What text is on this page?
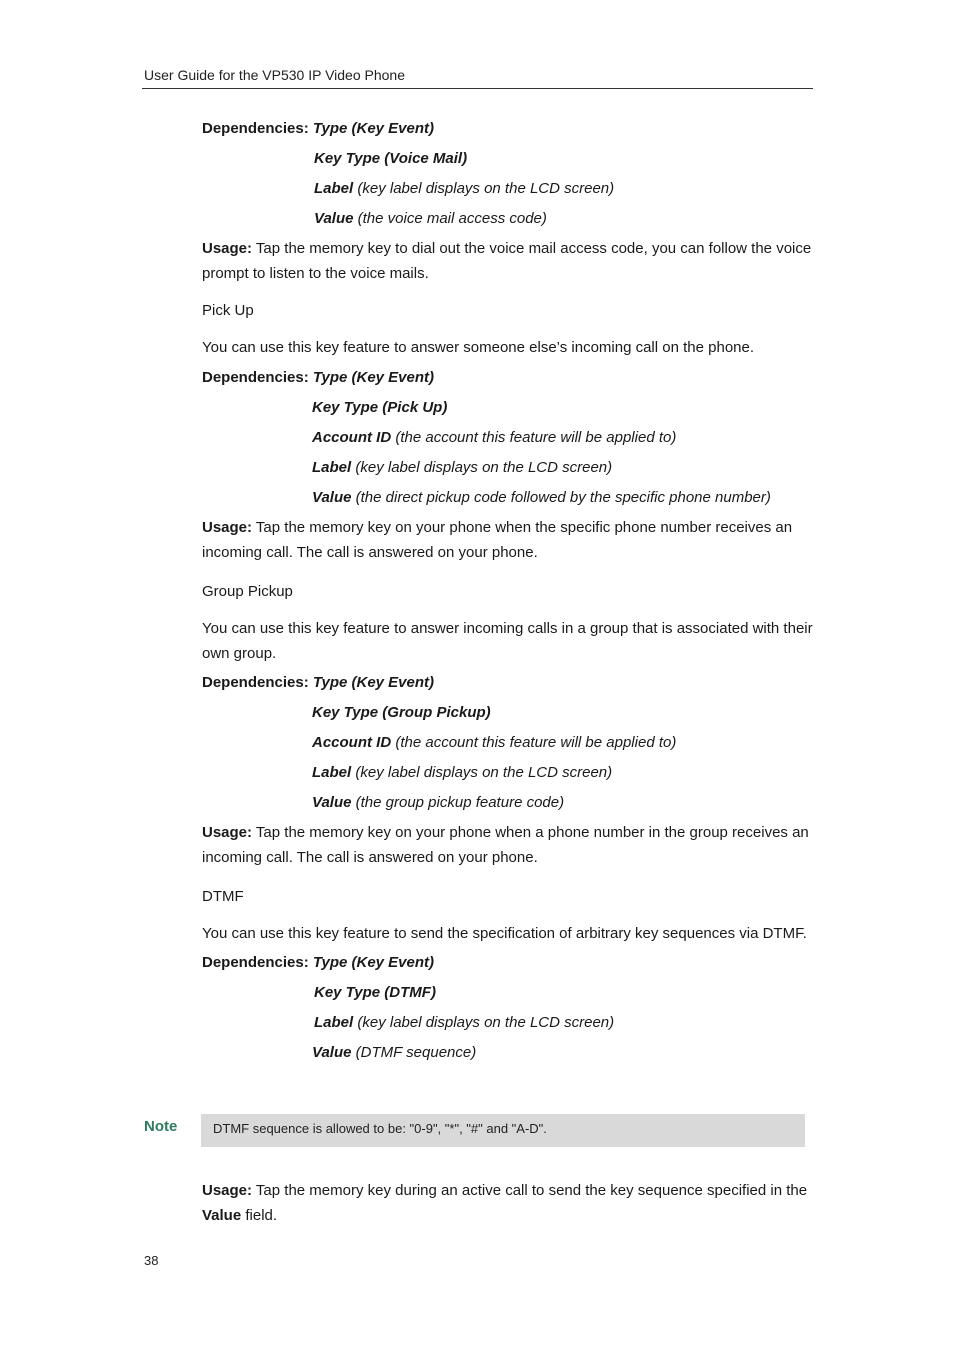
User Guide for the VP530 IP Video Phone
Dependencies: Type (Key Event)
Key Type (Voice Mail)
Label (key label displays on the LCD screen)
Value (the voice mail access code)

Usage: Tap the memory key to dial out the voice mail access code, you can follow the voice prompt to listen to the voice mails.

Pick Up

You can use this key feature to answer someone else’s incoming call on the phone.

Dependencies: Type (Key Event)
Key Type (Pick Up)
Account ID (the account this feature will be applied to)
Label (key label displays on the LCD screen)
Value (the direct pickup code followed by the specific phone number)

Usage: Tap the memory key on your phone when the specific phone number receives an incoming call. The call is answered on your phone.

Group Pickup

You can use this key feature to answer incoming calls in a group that is associated with their own group.

Dependencies: Type (Key Event)
Key Type (Group Pickup)
Account ID (the account this feature will be applied to)
Label (key label displays on the LCD screen)
Value (the group pickup feature code)

Usage: Tap the memory key on your phone when a phone number in the group receives an incoming call. The call is answered on your phone.

DTMF

You can use this key feature to send the specification of arbitrary key sequences via DTMF.

Dependencies: Type (Key Event)
Key Type (DTMF)
Label (key label displays on the LCD screen)
Value (DTMF sequence)
Note	DTMF sequence is allowed to be: "0-9", "*", "#" and "A-D".

Usage: Tap the memory key during an active call to send the key sequence specified in the Value field.

38
